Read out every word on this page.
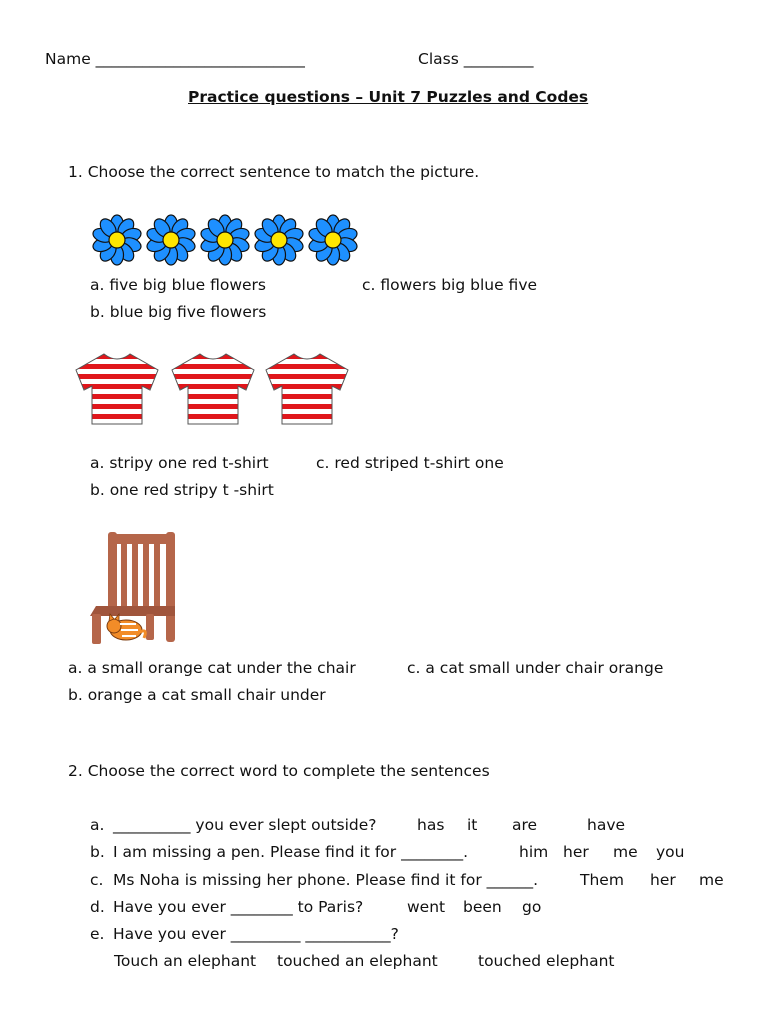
Name ___________________________	Class _________
Practice questions – Unit 7 Puzzles and Codes
1. Choose the correct sentence to match the picture.
a. five big blue flowers	c. flowers big blue five
b. blue big five flowers
a. stripy one red t-shirt	c. red striped t-shirt one
b. one red stripy t -shirt
a. a small orange cat under the chair	c. a cat small under chair orange
b. orange a cat small chair under
2. Choose the correct word to complete the sentences
a. __________ you ever slept outside?	has it are	have
b. I am missing a pen. Please find it for ________.	him her me you
c. Ms Noha is missing her phone. Please find it for ______.	Them her me
d. Have you ever ________ to Paris?	went been go
e. Have you ever _________ ___________?
Touch an elephant touched an elephant	touched elephant
